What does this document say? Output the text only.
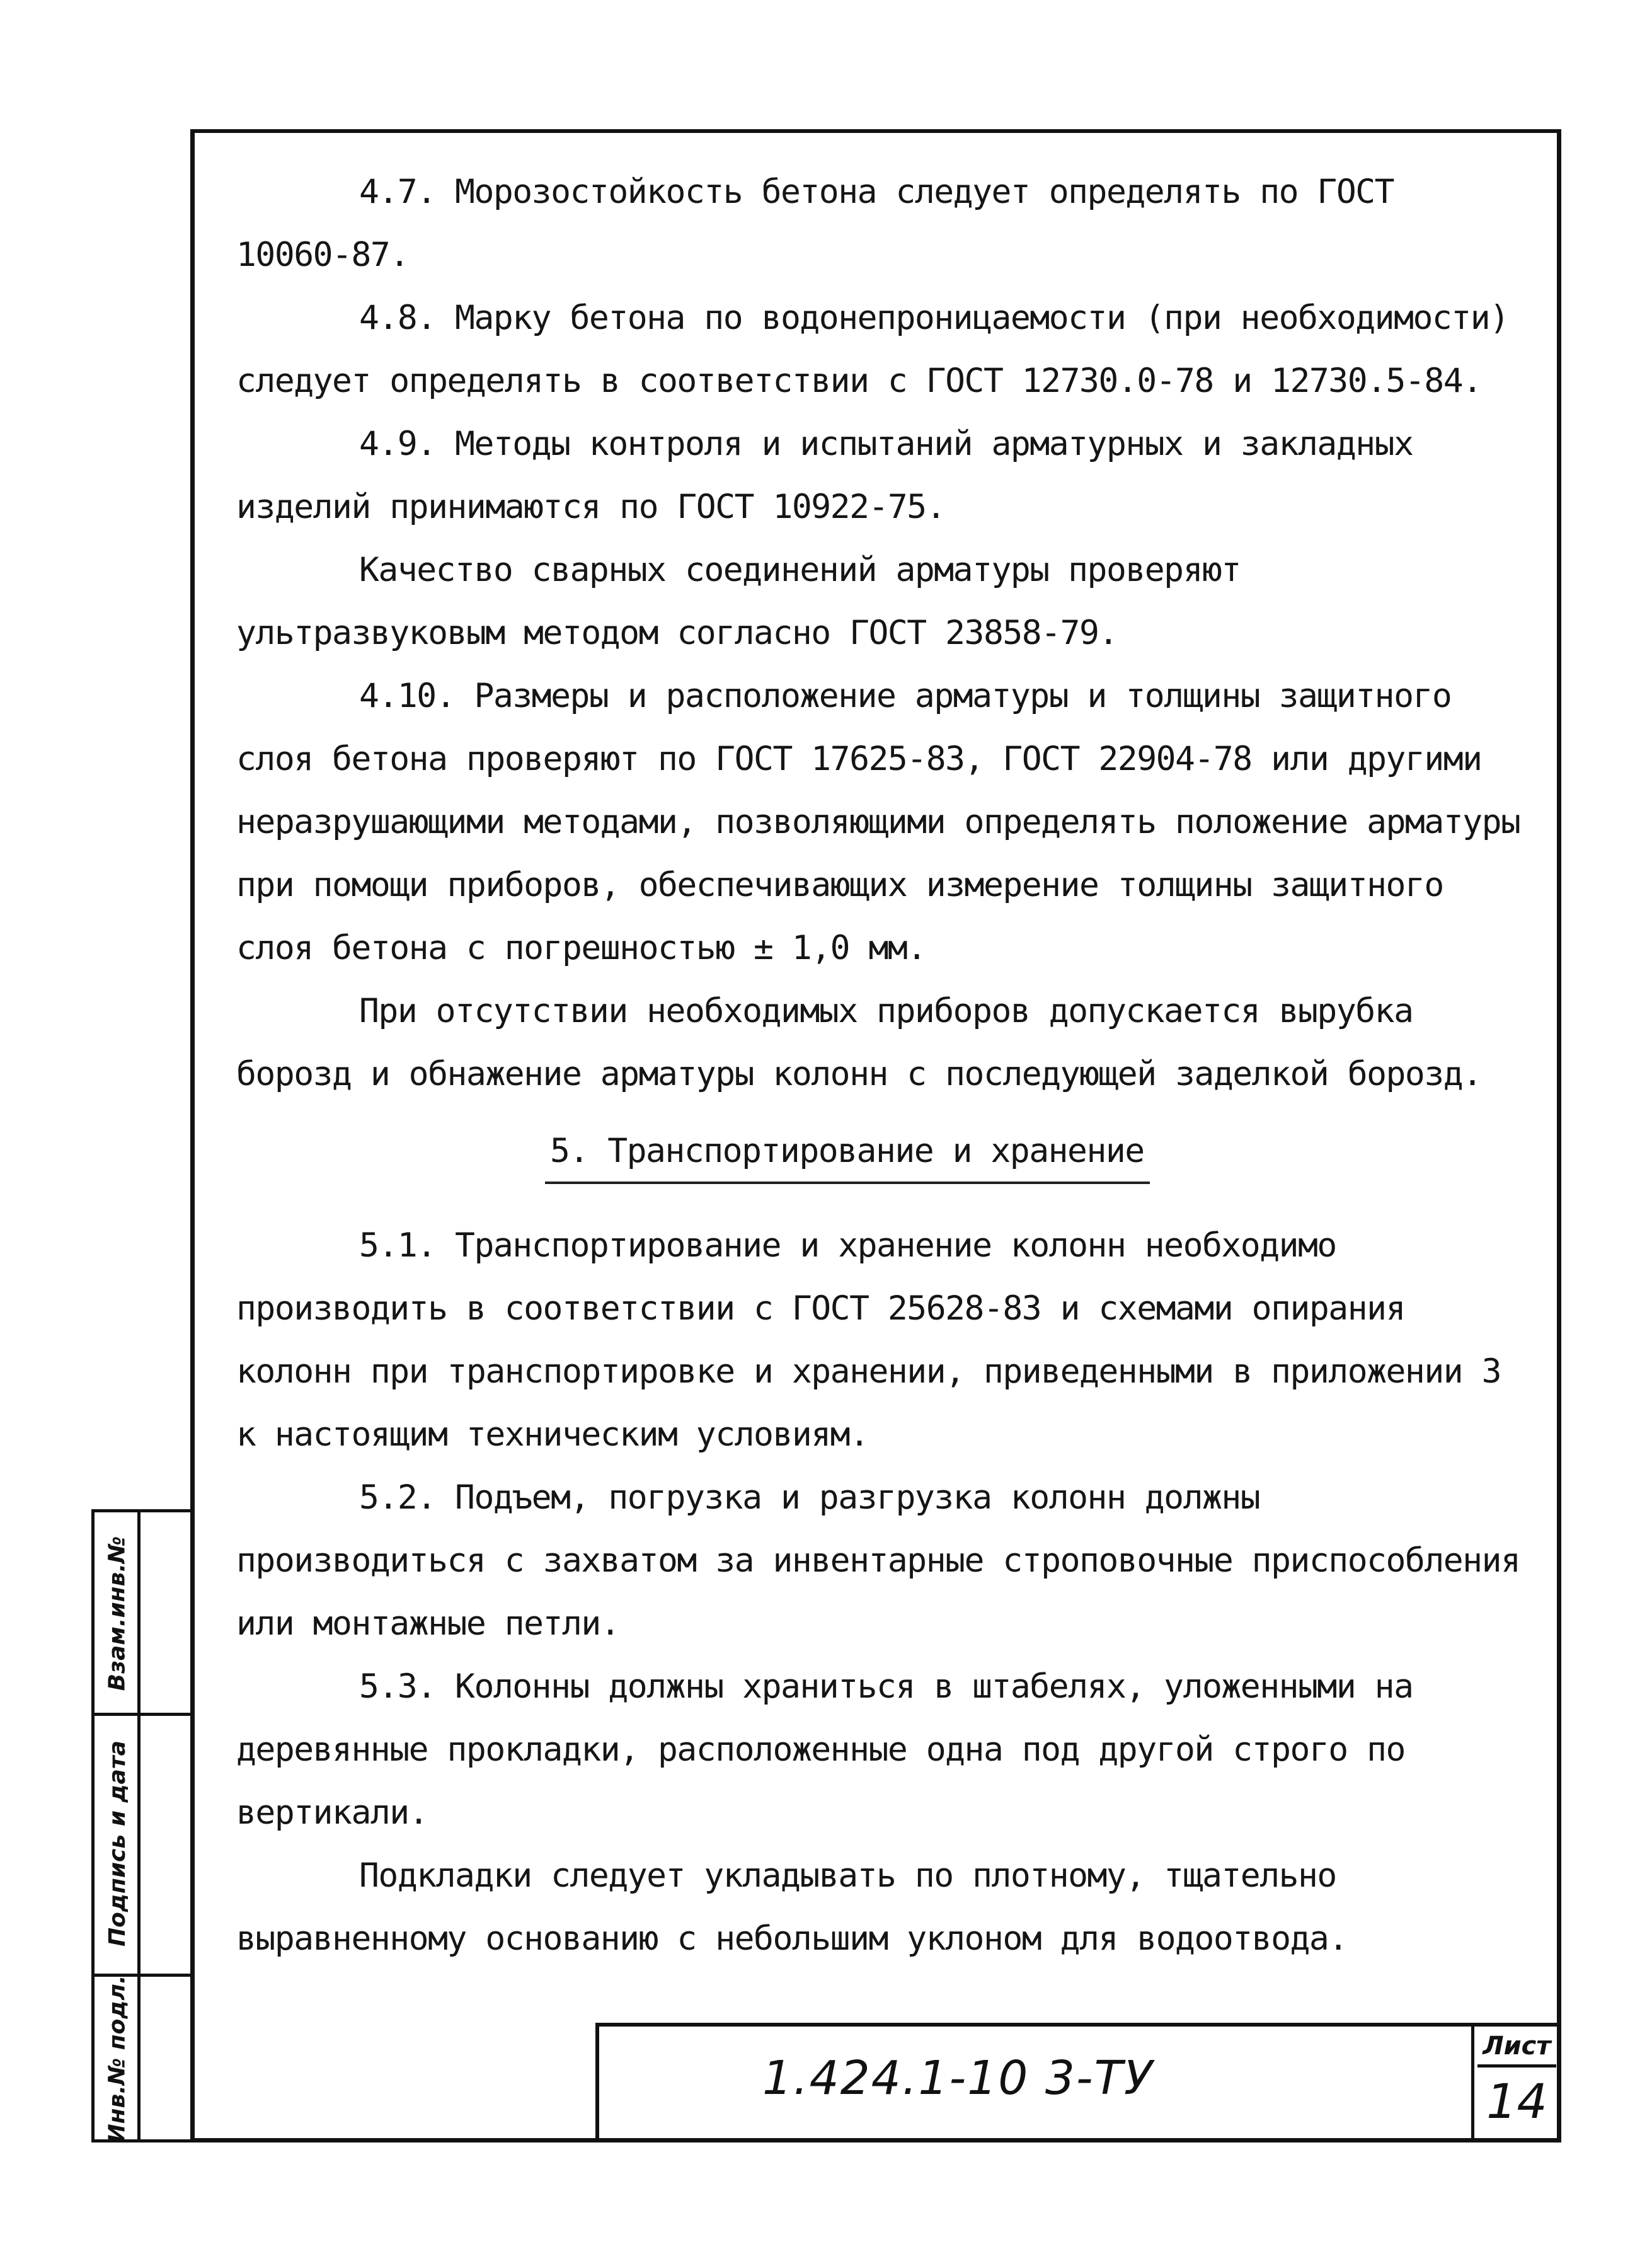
4.7. Морозостойкость бетона следует определять по ГОСТ 10060-87.

4.8. Марку бетона по водонепроницаемости (при необходимости) следует определять в соответствии с ГОСТ 12730.0-78 и 12730.5-84.

4.9. Методы контроля и испытаний арматурных и закладных изделий принимаются по ГОСТ 10922-75.

Качество сварных соединений арматуры проверяют ультразвуковым методом согласно ГОСТ 23858-79.

4.10. Размеры и расположение арматуры и толщины защитного слоя бетона проверяют по ГОСТ 17625-83, ГОСТ 22904-78 или другими неразрушающими методами, позволяющими определять положение арматуры при помощи приборов, обеспечивающих измерение толщины защитного слоя бетона с погрешностью ± 1,0 мм.

При отсутствии необходимых приборов допускается вырубка борозд и обнажение арматуры колонн с последующей заделкой борозд.

5. Транспортирование и хранение

5.1. Транспортирование и хранение колонн необходимо производить в соответствии с ГОСТ 25628-83 и схемами опирания колонн при транспортировке и хранении, приведенными в приложении 3 к настоящим техническим условиям.

5.2. Подъем, погрузка и разгрузка колонн должны производиться с захватом за инвентарные строповочные приспособления или монтажные петли.

5.3. Колонны должны храниться в штабелях, уложенными на деревянные прокладки, расположенные одна под другой строго по вертикали.

Подкладки следует укладывать по плотному, тщательно выравненному основанию с небольшим уклоном для водоотвода.

Взам.инв.№
Подпись и дата
Инв.№ подл.	1.424.1-10 3-ТУ
Лист
14
